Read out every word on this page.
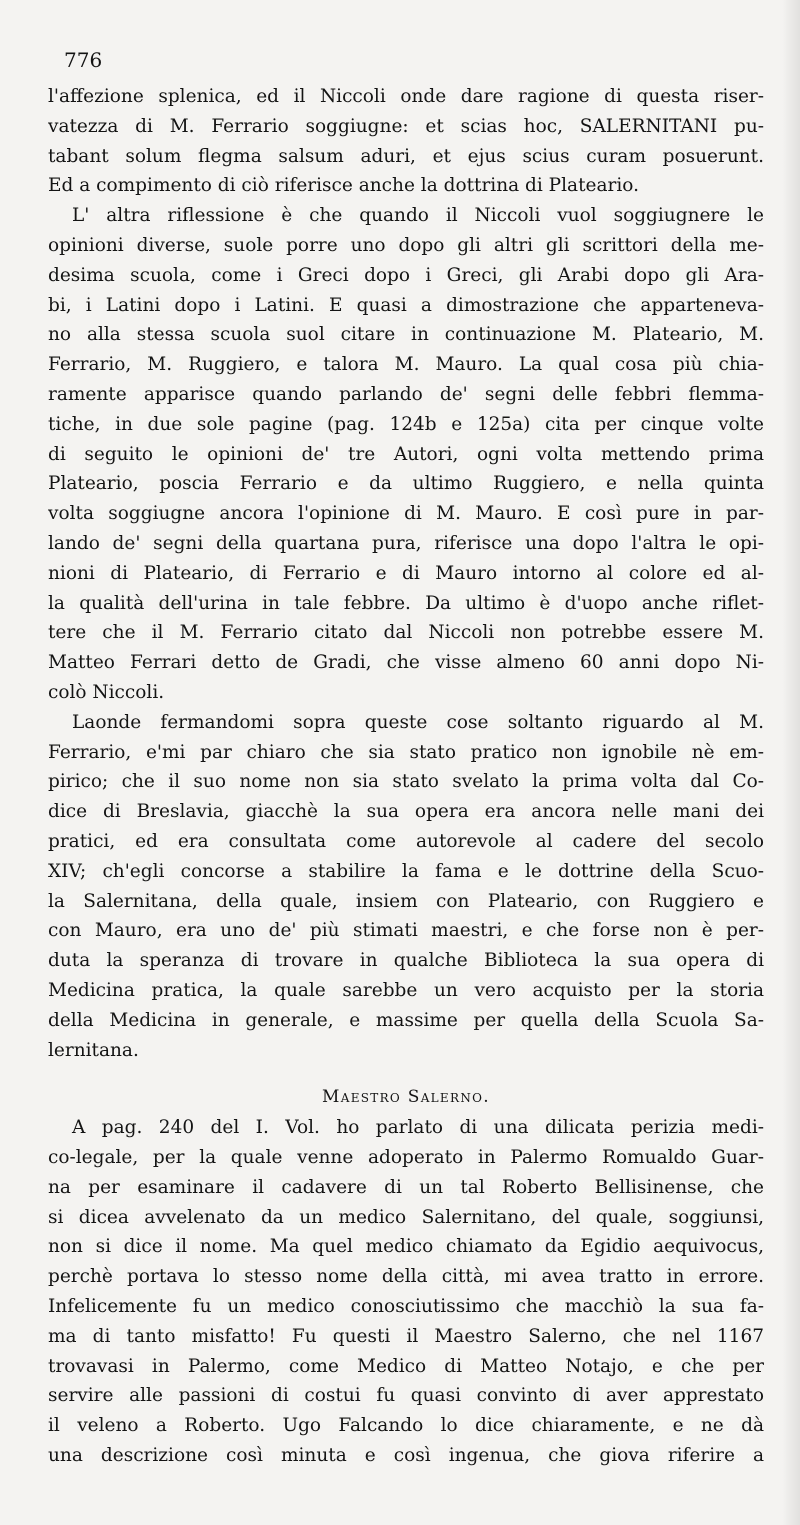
776
l'affezione splenica, ed il Niccoli onde dare ragione di questa riser-
vatezza di M. Ferrario soggiugne: et scias hoc, SALERNITANI pu-
tabant solum flegma salsum aduri, et ejus scius curam posuerunt.
Ed a compimento di ciò riferisce anche la dottrina di Plateario.
L' altra riflessione è che quando il Niccoli vuol soggiugnere le
opinioni diverse, suole porre uno dopo gli altri gli scrittori della me-
desima scuola, come i Greci dopo i Greci, gli Arabi dopo gli Ara-
bi, i Latini dopo i Latini. E quasi a dimostrazione che apparteneva-
no alla stessa scuola suol citare in continuazione M. Plateario, M.
Ferrario, M. Ruggiero, e talora M. Mauro. La qual cosa più chia-
ramente apparisce quando parlando de' segni delle febbri flemma-
tiche, in due sole pagine (pag. 124b e 125a) cita per cinque volte
di seguito le opinioni de' tre Autori, ogni volta mettendo prima
Plateario, poscia Ferrario e da ultimo Ruggiero, e nella quinta
volta soggiugne ancora l'opinione di M. Mauro. E così pure in par-
lando de' segni della quartana pura, riferisce una dopo l'altra le opi-
nioni di Plateario, di Ferrario e di Mauro intorno al colore ed al-
la qualità dell'urina in tale febbre. Da ultimo è d'uopo anche riflet-
tere che il M. Ferrario citato dal Niccoli non potrebbe essere M.
Matteo Ferrari detto de Gradi, che visse almeno 60 anni dopo Ni-
colò Niccoli.
Laonde fermandomi sopra queste cose soltanto riguardo al M.
Ferrario, e'mi par chiaro che sia stato pratico non ignobile nè em-
pirico; che il suo nome non sia stato svelato la prima volta dal Co-
dice di Breslavia, giacchè la sua opera era ancora nelle mani dei
pratici, ed era consultata come autorevole al cadere del secolo
XIV; ch'egli concorse a stabilire la fama e le dottrine della Scuo-
la Salernitana, della quale, insiem con Plateario, con Ruggiero e
con Mauro, era uno de' più stimati maestri, e che forse non è per-
duta la speranza di trovare in qualche Biblioteca la sua opera di
Medicina pratica, la quale sarebbe un vero acquisto per la storia
della Medicina in generale, e massime per quella della Scuola Sa-
lernitana.
Maestro Salerno.
A pag. 240 del I. Vol. ho parlato di una dilicata perizia medi-
co-legale, per la quale venne adoperato in Palermo Romualdo Guar-
na per esaminare il cadavere di un tal Roberto Bellisinense, che
si dicea avvelenato da un medico Salernitano, del quale, soggiunsi,
non si dice il nome. Ma quel medico chiamato da Egidio aequivocus,
perchè portava lo stesso nome della città, mi avea tratto in errore.
Infelicemente fu un medico conosciutissimo che macchiò la sua fa-
ma di tanto misfatto! Fu questi il Maestro Salerno, che nel 1167
trovavasi in Palermo, come Medico di Matteo Notajo, e che per
servire alle passioni di costui fu quasi convinto di aver apprestato
il veleno a Roberto. Ugo Falcando lo dice chiaramente, e ne dà
una descrizione così minuta e così ingenua, che giova riferire a
